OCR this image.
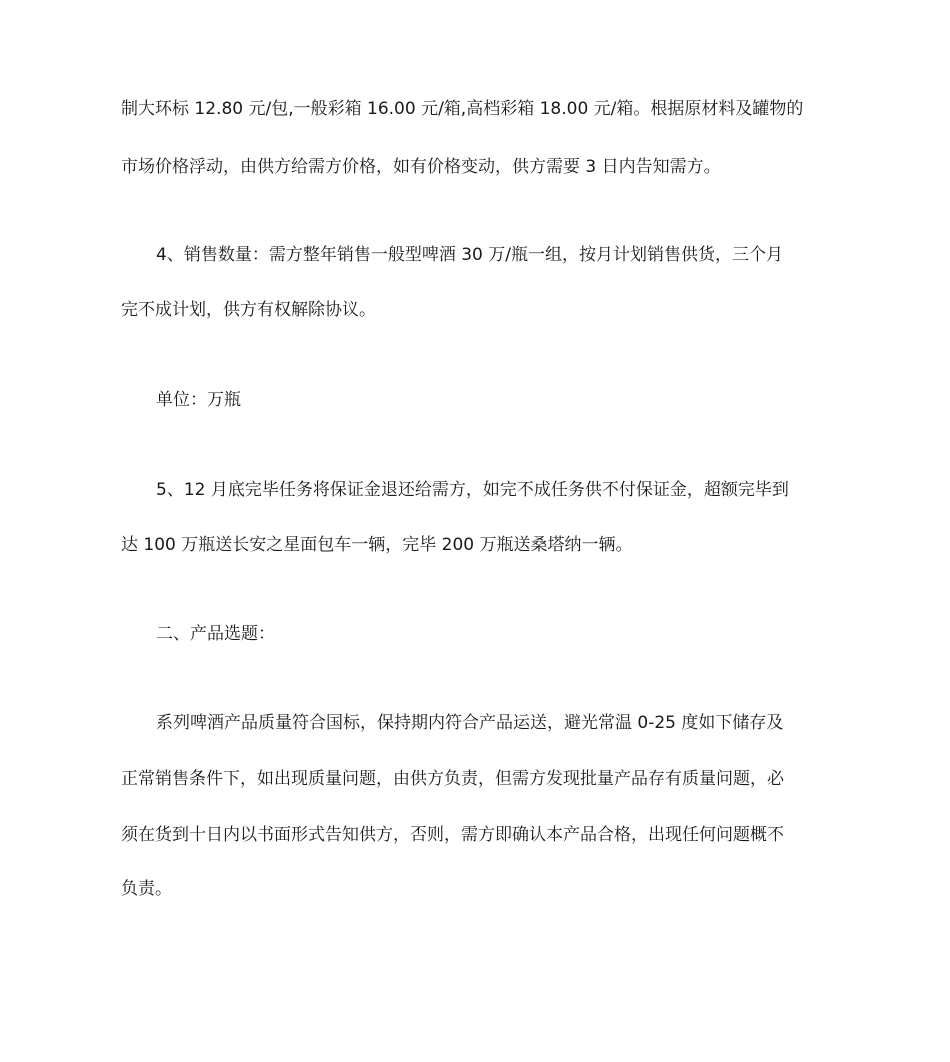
制大环标 12.80 元/包,一般彩箱 16.00 元/箱,高档彩箱 18.00 元/箱。根据原材料及罐物的
市场价格浮动，由供方给需方价格，如有价格变动，供方需要 3 日内告知需方。
4、销售数量：需方整年销售一般型啤酒 30 万/瓶一组，按月计划销售供货，三个月
完不成计划，供方有权解除协议。
单位：万瓶
5、12 月底完毕任务将保证金退还给需方，如完不成任务供不付保证金，超额完毕到
达 100 万瓶送长安之星面包车一辆，完毕 200 万瓶送桑塔纳一辆。
二、产品选题：
系列啤酒产品质量符合国标，保持期内符合产品运送，避光常温 0-25 度如下储存及
正常销售条件下，如出现质量问题，由供方负责，但需方发现批量产品存有质量问题，必
须在货到十日内以书面形式告知供方，否则，需方即确认本产品合格，出现任何问题概不
负责。
